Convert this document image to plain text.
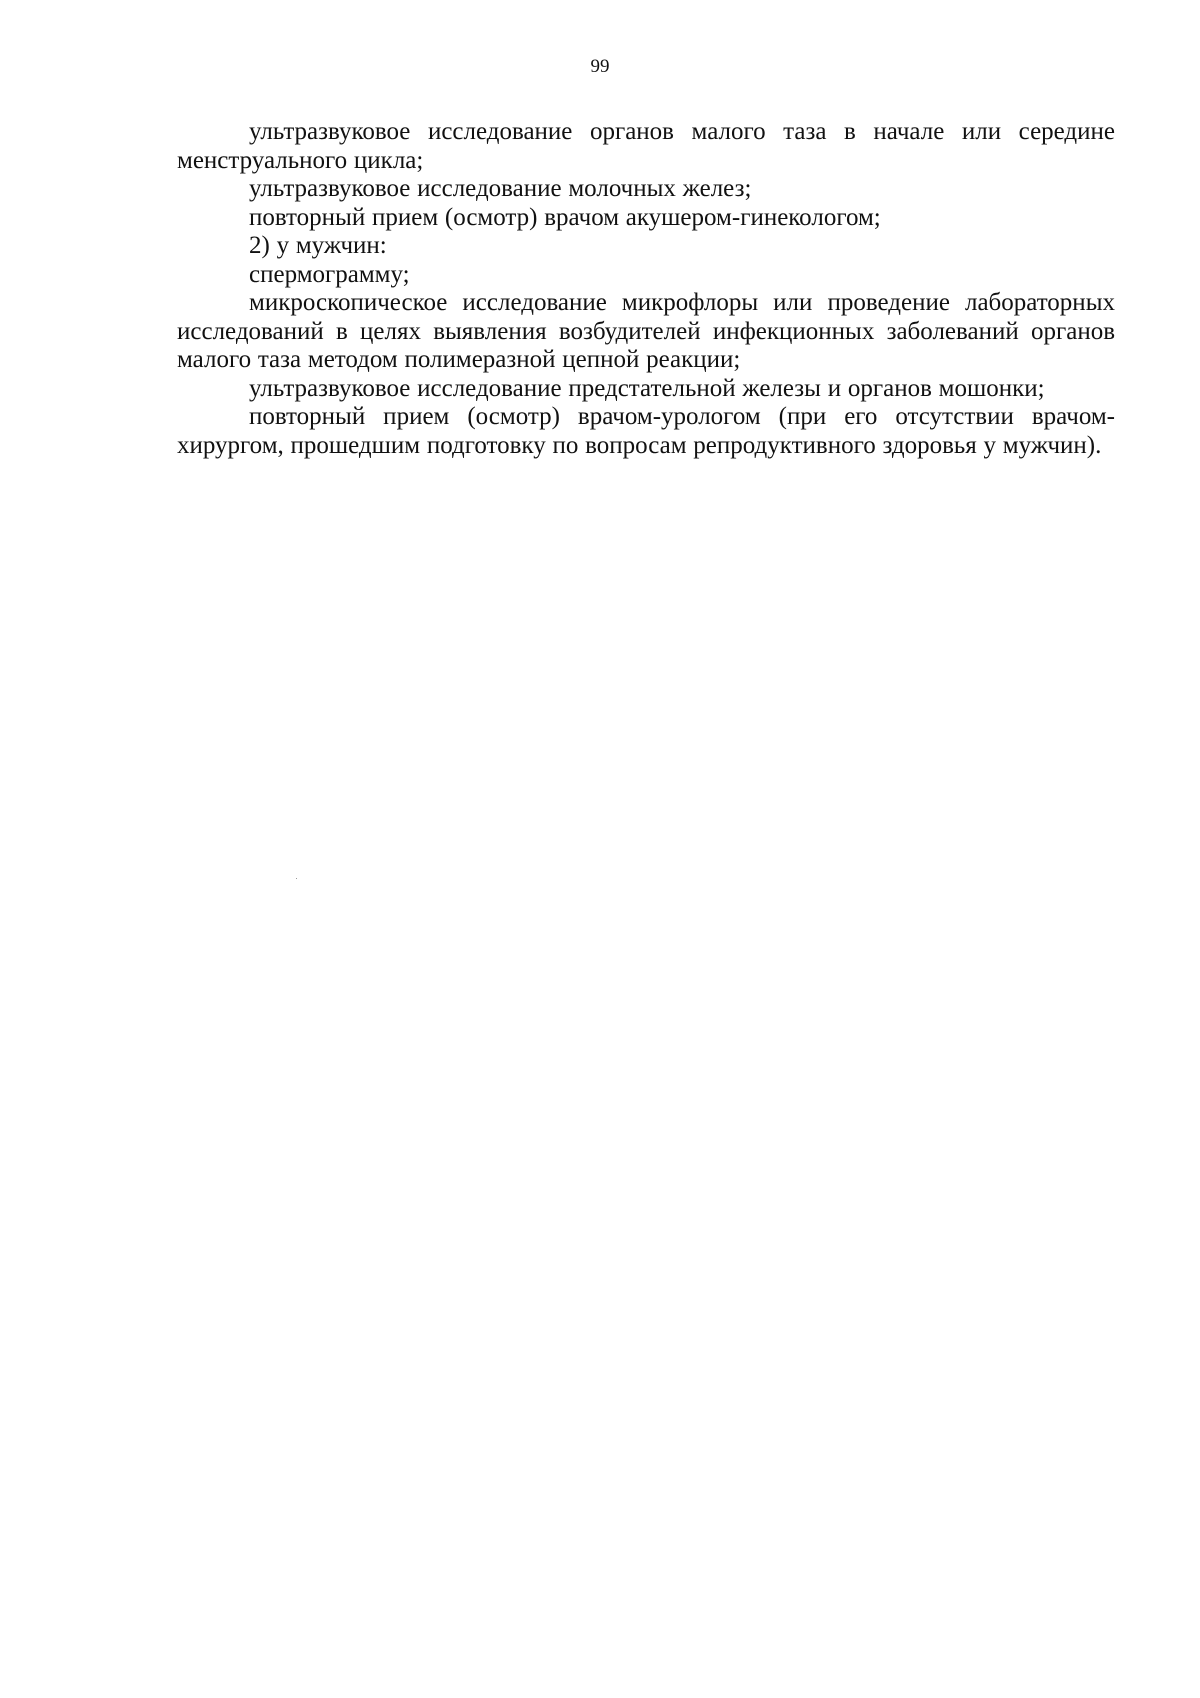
99

ультразвуковое исследование органов малого таза в начале или середине менструального цикла;

ультразвуковое исследование молочных желез;

повторный прием (осмотр) врачом акушером-гинекологом;

2) у мужчин:

спермограмму;

микроскопическое исследование микрофлоры или проведение лабораторных исследований в целях выявления возбудителей инфекционных заболеваний органов малого таза методом полимеразной цепной реакции;

ультразвуковое исследование предстательной железы и органов мошонки;

повторный прием (осмотр) врачом-урологом (при его отсутствии врачом-хирургом, прошедшим подготовку по вопросам репродуктивного здоровья у мужчин).
